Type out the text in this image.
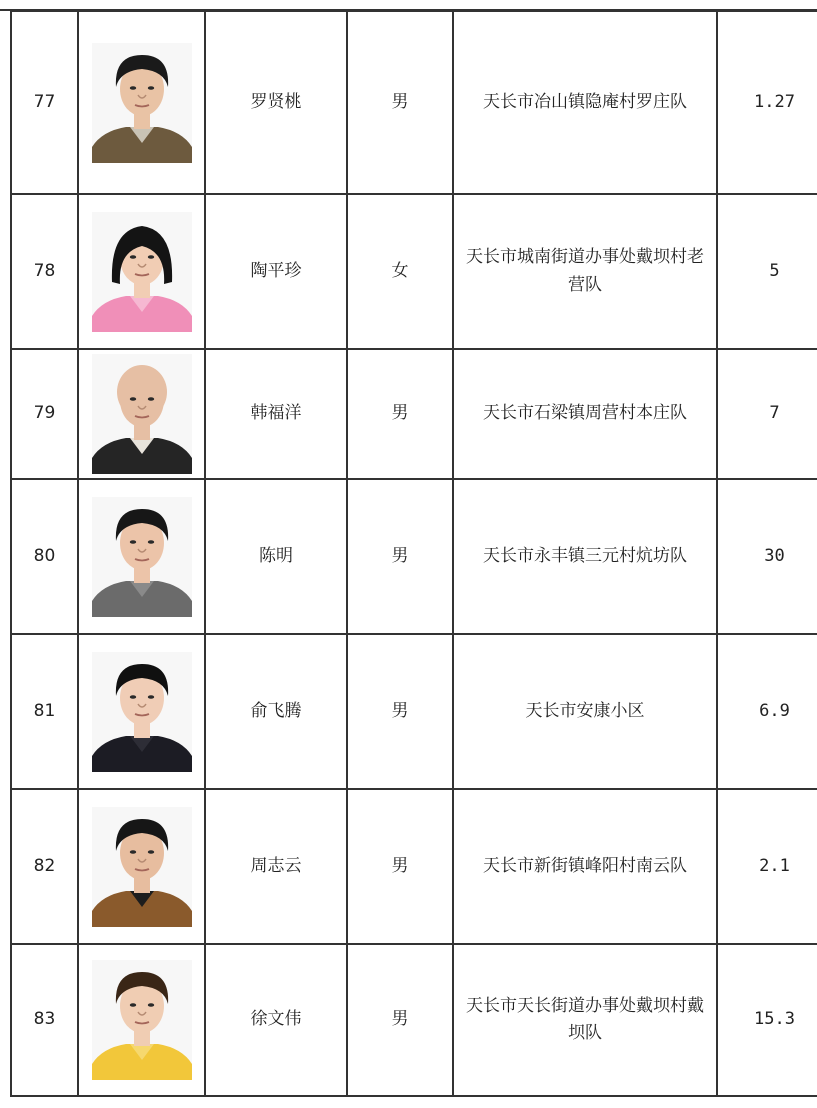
77		罗贤桃	男	天长市冶山镇隐庵村罗庄队	1.27
78		陶平珍	女	天长市城南街道办事处戴坝村老营队	5
79		韩福洋	男	天长市石梁镇周营村本庄队	7
80		陈明	男	天长市永丰镇三元村炕坊队	30
81		俞飞腾	男	天长市安康小区	6.9
82		周志云	男	天长市新街镇峰阳村南云队	2.1
83		徐文伟	男	天长市天长街道办事处戴坝村戴坝队	15.3
